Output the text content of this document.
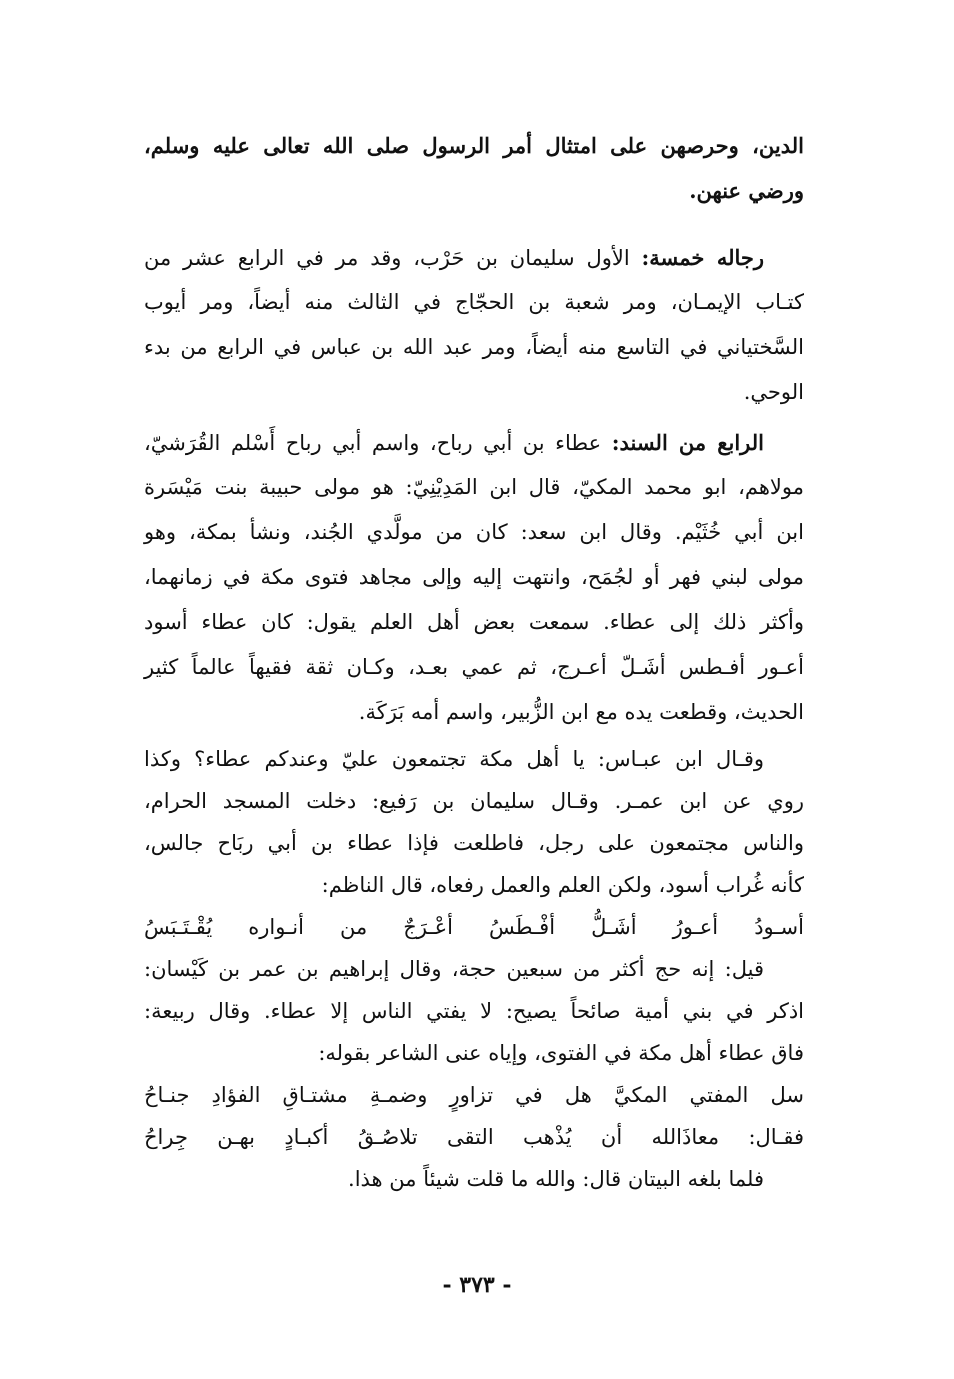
الدين، وحرصهن على امتثال أمر الرسول صلى الله تعالى عليه وسلم،
ورضي عنهن.
رجاله خمسة: الأول سليمان بن حَرْب، وقد مر في الرابع عشر من
كتـاب الإيمـان، ومر شعبة بن الحجّاج في الثالث منه أيضاً، ومر أيوب
السَّختياني في التاسع منه أيضاً، ومر عبد الله بن عباس في الرابع من بدء
الوحي.
الرابع من السند: عطاء بن أبي رباح، واسم أبي رباح أَسْلم القُرَشيّ،
مولاهم، ابو محمد المكيّ، قال ابن المَدِيْنِيّ: هو مولى حبيبة بنت مَيْسَرة
ابن أبي خُثَيْم. وقال ابن سعد: كان من مولَّدي الجُند، ونشأ بمكة، وهو
مولى لبني فهر أو لجُمَح، وانتهت إليه وإلى مجاهد فتوى مكة في زمانهما،
وأكثر ذلك إلى عطاء. سمعت بعض أهل العلم يقول: كان عطاء أسود
أعـور أفـطس أشَـلّ أعـرج، ثم عمي بعـد، وكـان ثقة فقيهاً عالماً كثير
الحديث، وقطعت يده مع ابن الزُّبير، واسم أمه بَرَكَة.
وقـال ابن عبـاس: يا أهل مكة تجتمعون عليّ وعندكم عطاء؟ وكذا
روي عن ابن عمـر. وقـال سليمان بن رَفيع: دخلت المسجد الحرام،
والناس مجتمعون على رجل، فاطلعت فإذا عطاء بن أبي ربَاح جالس،
كأنه غُراب أسود، ولكن العلم والعمل رفعاه، قال الناظم:
أسـودُ أعـورُ أشَـلُّ أفْـطَسُ أعْـرَجٌ من أنـواره يُقْـتَـبَسُ
قيل: إنه حج أكثر من سبعين حجة، وقال إبراهيم بن عمر بن كَيْسان:
اذكر في بني أمية صائحاً يصيح: لا يفتي الناس إلا عطاء. وقال ربيعة:
فاق عطاء أهل مكة في الفتوى، وإياه عنى الشاعر بقوله:
سل المفتي المكيَّ هل في تزاورٍ وضمـةِ مشتـاقِ الفؤادِ جنـاحُ
فقـال: معاذَالله أن يُذْهب التقى تلاصُـقُ أكبـادٍ بهـن جِراحُ
فلما بلغه البيتان قال: والله ما قلت شيئاً من هذا.
- ٣٧٣ -
